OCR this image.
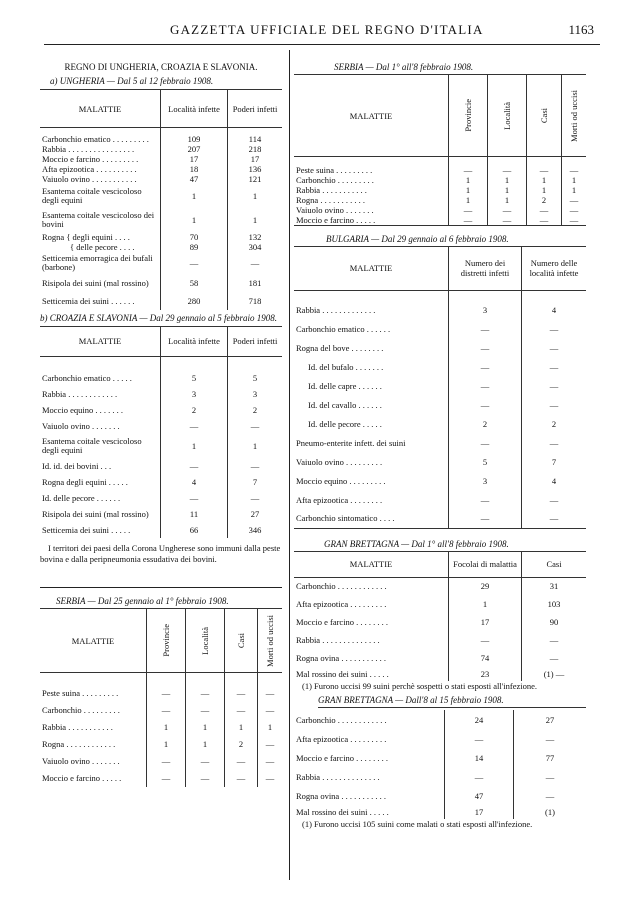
GAZZETTA UFFICIALE DEL REGNO D'ITALIA	1163
REGNO DI UNGHERIA, CROAZIA E SLAVONIA.
a) UNGHERIA — Dal 5 al 12 febbraio 1908.
MALATTIE	Località infette	Poderi infetti

Carbonchio ematico . . . . . . . . .	109	114
Rabbia . . . . . . . . . . . . . . . .	207	218
Moccio e farcino . . . . . . . . .	17	17
Afta epizootica . . . . . . . . . .	18	136
Vaiuolo ovino . . . . . . . . . . .	47	121
Esantema coitale vescicoloso degli equini	1	1
Esantema coitale vescicoloso dei bovini	1	1
Rogna { degli equini . . . .	70	132
{ delle pecore . . . .	89	304
Setticemia emorragica dei bufali (barbone)	—	—
Risipola dei suini (mal rossino)	58	181
Setticemia dei suini . . . . . .	280	718
b) CROAZIA E SLAVONIA — Dal 29 gennaio al 5 febbraio 1908.
MALATTIE	Località infette	Poderi infetti

Carbonchio ematico . . . . .	5	5
Rabbia . . . . . . . . . . . .	3	3
Moccio equino . . . . . . .	2	2
Vaiuolo ovino . . . . . . .	—	—
Esantema coitale vescicoloso degli equini	1	1
Id. id. dei bovini . . .	—	—
Rogna degli equini . . . . .	4	7
Id. delle pecore . . . . . .	—	—
Risipola dei suini (mal rossino)	11	27
Setticemia dei suini . . . . .	66	346
I territori dei paesi della Corona Ungherese sono immuni dalla peste bovina e dalla peripneumonia essudativa dei bovini.
SERBIA — Dal 25 gennaio al 1° febbraio 1908.
MALATTIE	Provincie	Località	Casi	Morti od uccisi

Peste suina . . . . . . . . .	—	—	—	—
Carbonchio . . . . . . . . .	—	—	—	—
Rabbia . . . . . . . . . . .	1	1	1	1
Rogna . . . . . . . . . . . .	1	1	2	—
Vaiuolo ovino . . . . . . .	—	—	—	—
Moccio e farcino . . . . .	—	—	—	—
SERBIA — Dal 1° all'8 febbraio 1908.
MALATTIE	Provincie	Località	Casi	Morti od uccisi

Peste suina . . . . . . . . .	—	—	—	—
Carbonchio . . . . . . . . .	1	1	1	1
Rabbia . . . . . . . . . . .	1	1	1	1
Rogna . . . . . . . . . . .	1	1	2	—
Vaiuolo ovino . . . . . . .	—	—	—	—
Moccio e farcino . . . . .	—	—	—	—
BULGARIA — Dal 29 gennaio al 6 febbraio 1908.
MALATTIE	Numero dei distretti infetti	Numero delle località infette

Rabbia . . . . . . . . . . . . .	3	4
Carbonchio ematico . . . . . .	—	—
Rogna del bove . . . . . . . .	—	—
Id. del bufalo . . . . . . .	—	—
Id. delle capre . . . . . .	—	—
Id. del cavallo . . . . . .	—	—
Id. delle pecore . . . . .	2	2
Pneumo-enterite infett. dei suini	—	—
Vaiuolo ovino . . . . . . . . .	5	7
Moccio equino . . . . . . . . .	3	4
Afta epizootica . . . . . . . .	—	—
Carbonchio sintomatico . . . .	—	—
GRAN BRETTAGNA — Dal 1° all'8 febbraio 1908.
MALATTIE	Focolai di malattia	Casi
Carbonchio . . . . . . . . . . . .	29	31
Afta epizootica . . . . . . . . .	1	103
Moccio e farcino . . . . . . . .	17	90
Rabbia . . . . . . . . . . . . . .	—	—
Rogna ovina . . . . . . . . . . .	74	—
Mal rossino dei suini . . . . .	23	(1) —
(1) Furono uccisi 99 suini perchè sospetti o stati esposti all'infezione.
GRAN BRETTAGNA — Dall'8 al 15 febbraio 1908.
Carbonchio . . . . . . . . . . . .	24	27
Afta epizootica . . . . . . . . .	—	—
Moccio e farcino . . . . . . . .	14	77
Rabbia . . . . . . . . . . . . . .	—	—
Rogna ovina . . . . . . . . . . .	47	—
Mal rossino dei suini . . . . .	17	(1)
(1) Furono uccisi 105 suini come malati o stati esposti all'infezione.
